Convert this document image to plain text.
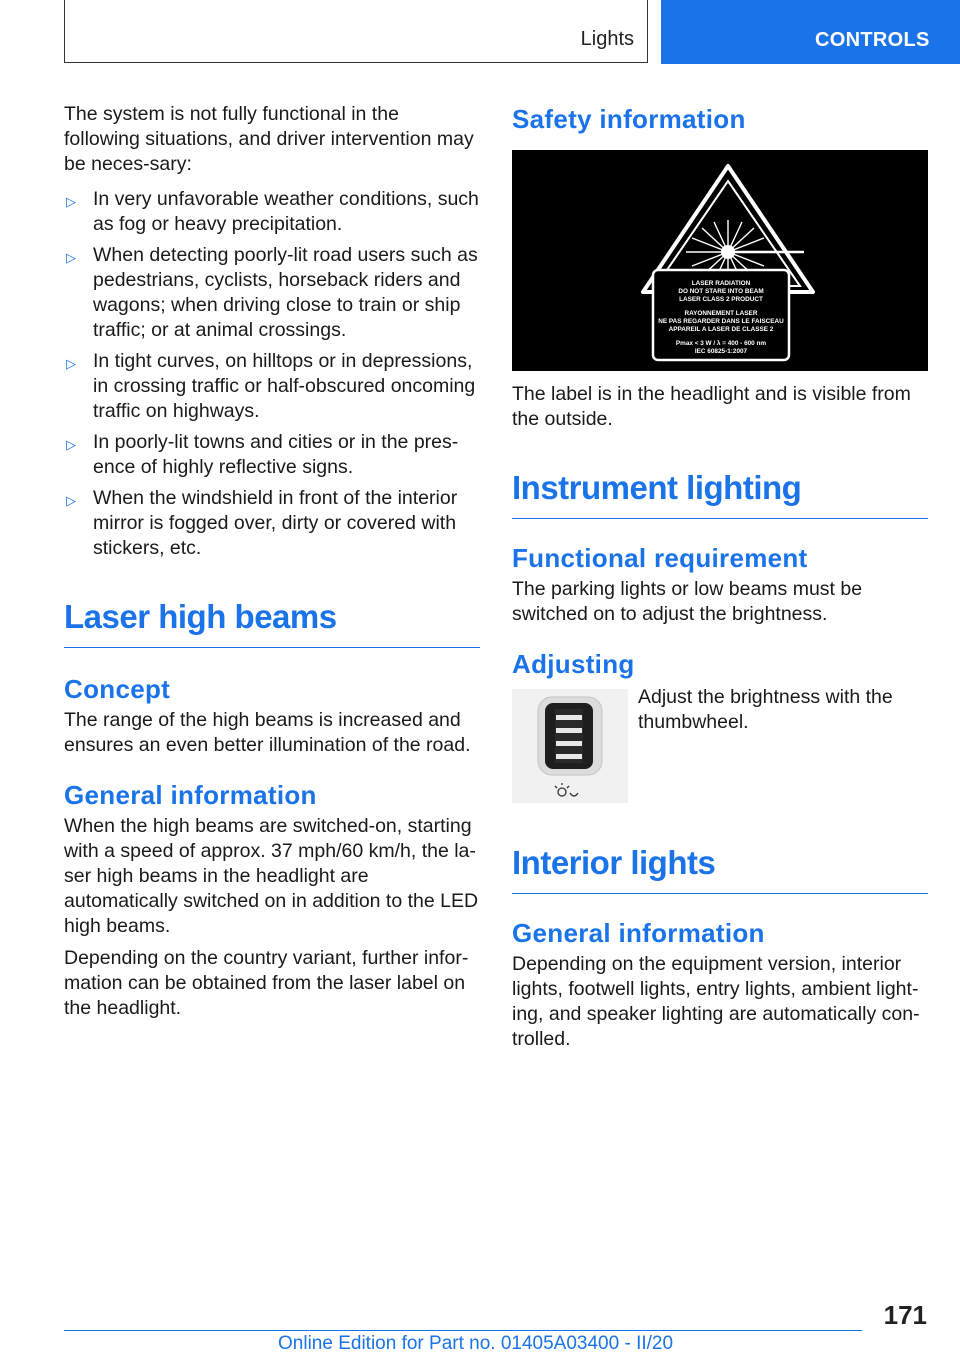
Lights	CONTROLS

The system is not fully functional in the following situations, and driver intervention may be neces-sary:

▷ In very unfavorable weather conditions, such as fog or heavy precipitation.
▷ When detecting poorly-lit road users such as pedestrians, cyclists, horseback riders and wagons; when driving close to train or ship traffic; or at animal crossings.
▷ In tight curves, on hilltops or in depressions, in crossing traffic or half-obscured oncoming traffic on highways.
▷ In poorly-lit towns and cities or in the pres-ence of highly reflective signs.
▷ When the windshield in front of the interior mirror is fogged over, dirty or covered with stickers, etc.
Laser high beams
Concept

The range of the high beams is increased and ensures an even better illumination of the road.

General information

When the high beams are switched-on, starting with a speed of approx. 37 mph/60 km/h, the la-ser high beams in the headlight are automatically switched on in addition to the LED high beams.

Depending on the country variant, further infor-mation can be obtained from the laser label on the headlight.

Safety information
LASER RADIATION
DO NOT STARE INTO BEAM
LASER CLASS 2 PRODUCT
RAYONNEMENT LASER
NE PAS REGARDER DANS LE FAISCEAU
APPAREIL A LASER DE CLASSE 2
Pmax < 3 W / λ = 400 - 600 nm
IEC 60825-1:2007

The label is in the headlight and is visible from the outside.

Instrument lighting
Functional requirement

The parking lights or low beams must be switched on to adjust the brightness.

Adjusting

Adjust the brightness with the thumbwheel.

Interior lights
General information

Depending on the equipment version, interior lights, footwell lights, entry lights, ambient light-ing, and speaker lighting are automatically con-trolled.

171
Online Edition for Part no. 01405A03400 - II/20
